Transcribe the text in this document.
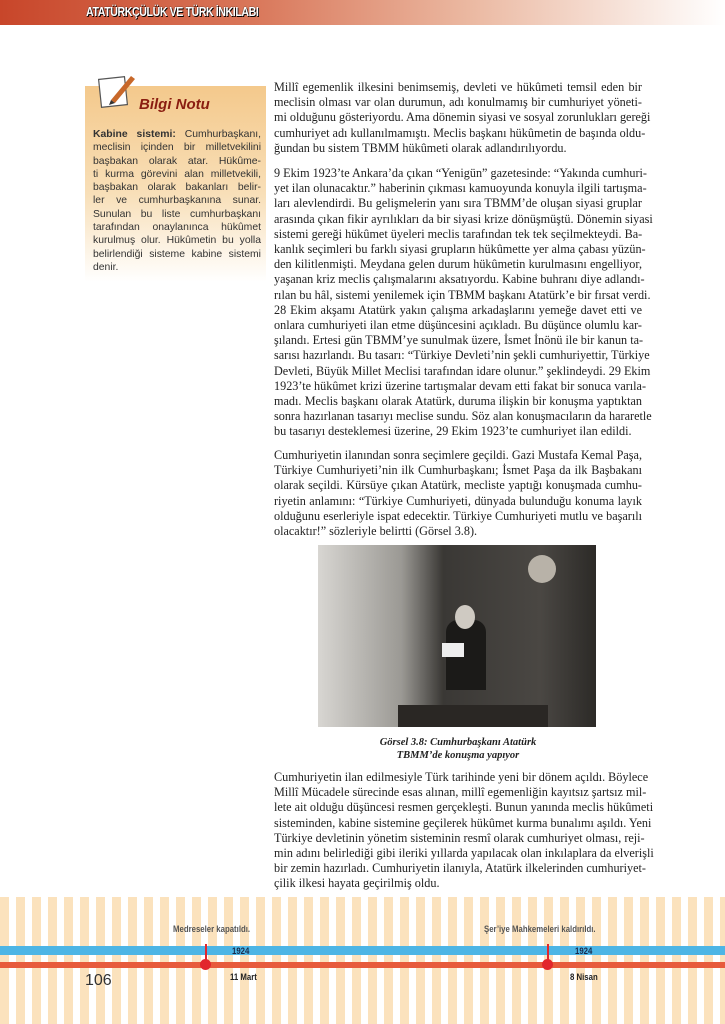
ATATÜRKÇÜLÜK VE TÜRK İNKILABI
Bilgi Notu
Kabine sistemi: Cumhurbaşkanı,
meclisin içinden bir milletvekilini
başbakan olarak atar. Hükûme-
ti kurma görevini alan milletvekili,
başbakan olarak bakanları belir-
ler ve cumhurbaşkanına sunar.
Sunulan bu liste cumhurbaşkanı
tarafından onaylanınca hükûmet
kurulmuş olur. Hükûmetin bu yolla
belirlendiği sisteme kabine sistemi
denir.
Millî egemenlik ilkesini benimsemiş, devleti ve hükûmeti temsil eden bir
meclisin olması var olan durumun, adı konulmamış bir cumhuriyet yöneti-
mi olduğunu gösteriyordu. Ama dönemin siyasi ve sosyal zorunlukları gereği
cumhuriyet adı kullanılmamıştı. Meclis başkanı hükûmetin de başında oldu-
ğundan bu sistem TBMM hükûmeti olarak adlandırılıyordu.
9 Ekim 1923’te Ankara’da çıkan “Yenigün” gazetesinde: “Yakında cumhuri-
yet ilan olunacaktır.” haberinin çıkması kamuoyunda konuyla ilgili tartışma-
ları alevlendirdi. Bu gelişmelerin yanı sıra TBMM’de oluşan siyasi gruplar
arasında çıkan fikir ayrılıkları da bir siyasi krize dönüşmüştü. Dönemin siyasi
sistemi gereği hükûmet üyeleri meclis tarafından tek tek seçilmekteydi. Ba-
kanlık seçimleri bu farklı siyasi grupların hükûmette yer alma çabası yüzün-
den kilitlenmişti. Meydana gelen durum hükûmetin kurulmasını engelliyor,
yaşanan kriz meclis çalışmalarını aksatıyordu. Kabine buhranı diye adlandı-
rılan bu hâl, sistemi yenilemek için TBMM başkanı Atatürk’e bir fırsat verdi.
28 Ekim akşamı Atatürk yakın çalışma arkadaşlarını yemeğe davet etti ve
onlara cumhuriyeti ilan etme düşüncesini açıkladı. Bu düşünce olumlu kar-
şılandı. Ertesi gün TBMM’ye sunulmak üzere, İsmet İnönü ile bir kanun ta-
sarısı hazırlandı. Bu tasarı: “Türkiye Devleti’nin şekli cumhuriyettir, Türkiye
Devleti, Büyük Millet Meclisi tarafından idare olunur.” şeklindeydi. 29 Ekim
1923’te hükûmet krizi üzerine tartışmalar devam etti fakat bir sonuca varıla-
madı. Meclis başkanı olarak Atatürk, duruma ilişkin bir konuşma yaptıktan
sonra hazırlanan tasarıyı meclise sundu. Söz alan konuşmacıların da hararetle
bu tasarıyı desteklemesi üzerine, 29 Ekim 1923’te cumhuriyet ilan edildi.
Cumhuriyetin ilanından sonra seçimlere geçildi. Gazi Mustafa Kemal Paşa,
Türkiye Cumhuriyeti’nin ilk Cumhurbaşkanı; İsmet Paşa da ilk Başbakanı
olarak seçildi. Kürsüye çıkan Atatürk, mecliste yaptığı konuşmada cumhu-
riyetin anlamını: “Türkiye Cumhuriyeti, dünyada bulunduğu konuma layık
olduğunu eserleriyle ispat edecektir. Türkiye Cumhuriyeti mutlu ve başarılı
olacaktır!” sözleriyle belirtti (Görsel 3.8).
Görsel 3.8: Cumhurbaşkanı Atatürk
TBMM’de konuşma yapıyor
Cumhuriyetin ilan edilmesiyle Türk tarihinde yeni bir dönem açıldı. Böylece
Millî Mücadele sürecinde esas alınan, millî egemenliğin kayıtsız şartsız mil-
lete ait olduğu düşüncesi resmen gerçekleşti. Bunun yanında meclis hükûmeti
sisteminden, kabine sistemine geçilerek hükûmet kurma bunalımı aşıldı. Yeni
Türkiye devletinin yönetim sisteminin resmî olarak cumhuriyet olması, reji-
min adını belirlediği gibi ileriki yıllarda yapılacak olan inkılaplara da elverişli
bir zemin hazırladı. Cumhuriyetin ilanıyla, Atatürk ilkelerinden cumhuriyet-
çilik ilkesi hayata geçirilmiş oldu.
Medreseler kapatıldı.
1924
11 Mart
Şer’iye Mahkemeleri kaldırıldı.
1924
8 Nisan
106
